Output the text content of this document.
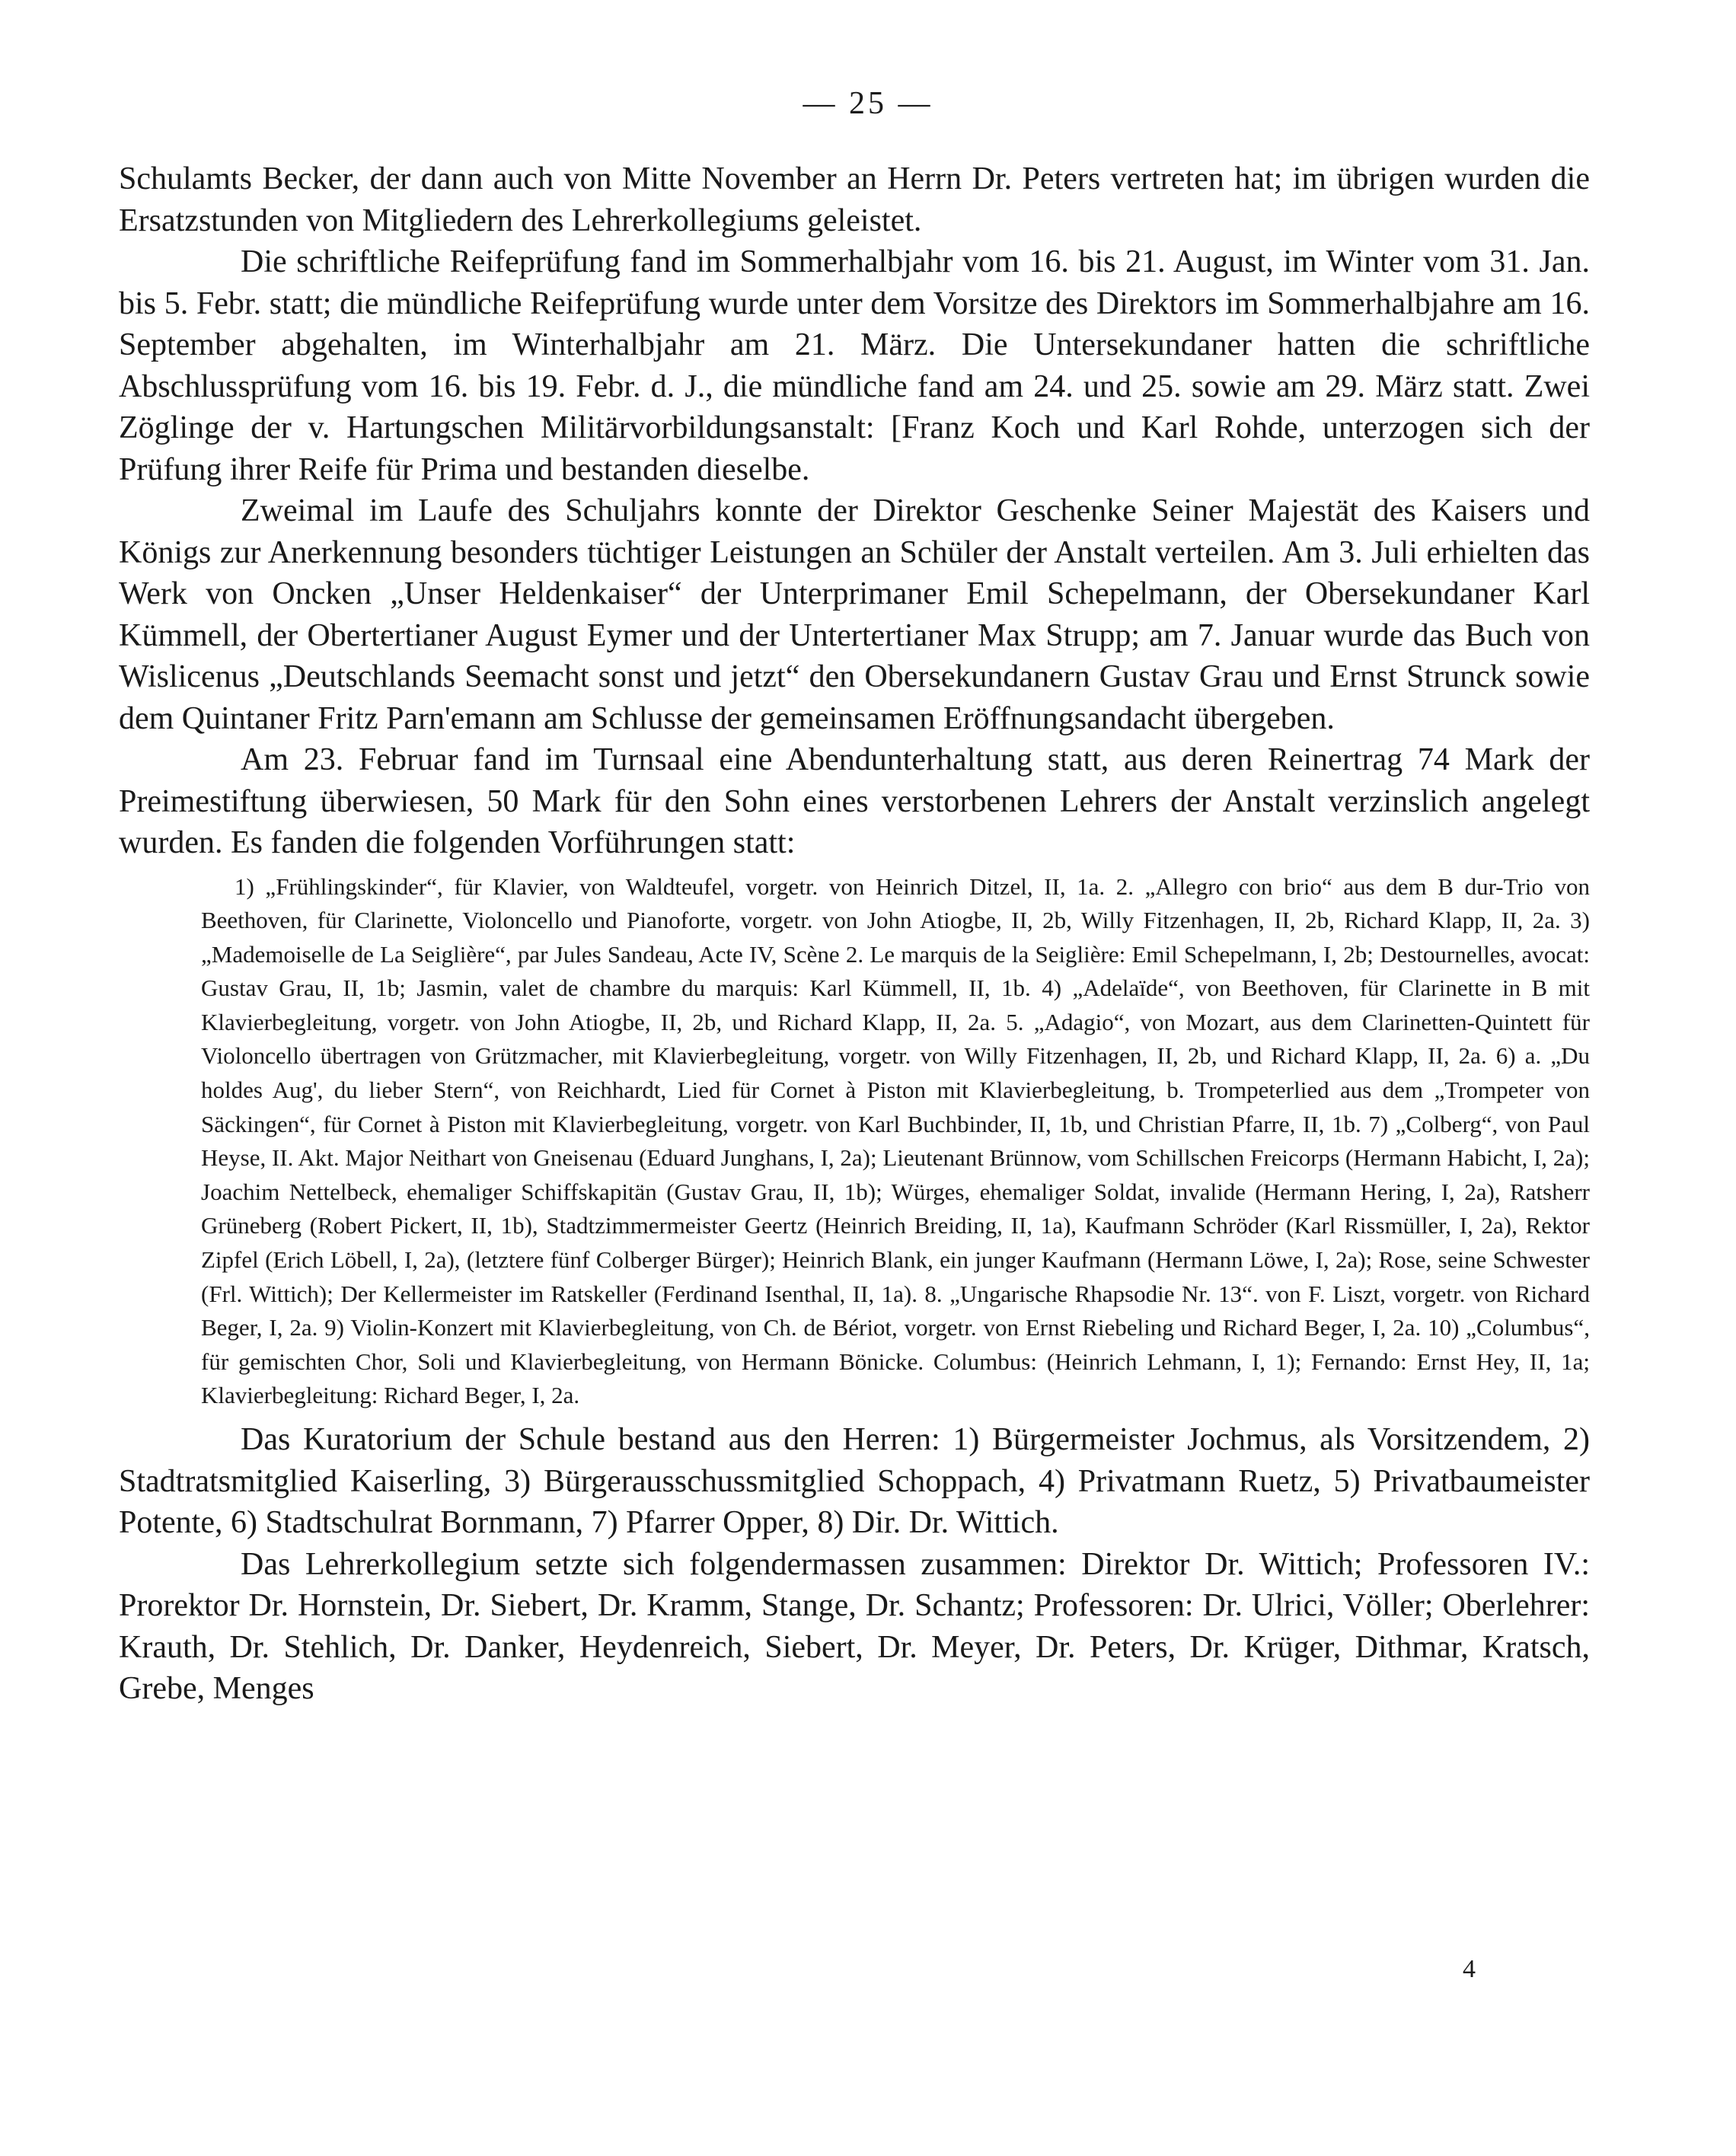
— 25 —

Schulamts Becker, der dann auch von Mitte November an Herrn Dr. Peters vertreten hat; im übrigen wurden die Ersatzstunden von Mitgliedern des Lehrerkollegiums geleistet.

Die schriftliche Reifeprüfung fand im Sommerhalbjahr vom 16. bis 21. August, im Winter vom 31. Jan. bis 5. Febr. statt; die mündliche Reifeprüfung wurde unter dem Vorsitze des Direktors im Sommerhalbjahre am 16. September abgehalten, im Winterhalbjahr am 21. März. Die Untersekundaner hatten die schriftliche Abschlussprüfung vom 16. bis 19. Febr. d. J., die mündliche fand am 24. und 25. sowie am 29. März statt. Zwei Zöglinge der v. Hartungschen Militärvorbildungsanstalt: [Franz Koch und Karl Rohde, unterzogen sich der Prüfung ihrer Reife für Prima und bestanden dieselbe.

Zweimal im Laufe des Schuljahrs konnte der Direktor Geschenke Seiner Majestät des Kaisers und Königs zur Anerkennung besonders tüchtiger Leistungen an Schüler der Anstalt verteilen. Am 3. Juli erhielten das Werk von Oncken „Unser Heldenkaiser“ der Unterprimaner Emil Schepelmann, der Obersekundaner Karl Kümmell, der Obertertianer August Eymer und der Untertertianer Max Strupp; am 7. Januar wurde das Buch von Wislicenus „Deutschlands Seemacht sonst und jetzt“ den Obersekundanern Gustav Grau und Ernst Strunck sowie dem Quintaner Fritz Parn'emann am Schlusse der gemeinsamen Eröffnungsandacht übergeben.

Am 23. Februar fand im Turnsaal eine Abendunterhaltung statt, aus deren Reinertrag 74 Mark der Preimestiftung überwiesen, 50 Mark für den Sohn eines verstorbenen Lehrers der Anstalt verzinslich angelegt wurden. Es fanden die folgenden Vorführungen statt:

1) „Frühlingskinder“, für Klavier, von Waldteufel, vorgetr. von Heinrich Ditzel, II, 1a. 2. „Allegro con brio“ aus dem B dur-Trio von Beethoven, für Clarinette, Violoncello und Pianoforte, vorgetr. von John Atiogbe, II, 2b, Willy Fitzenhagen, II, 2b, Richard Klapp, II, 2a. 3) „Mademoiselle de La Seiglière“, par Jules Sandeau, Acte IV, Scène 2. Le marquis de la Seiglière: Emil Schepelmann, I, 2b; Destournelles, avocat: Gustav Grau, II, 1b; Jasmin, valet de chambre du marquis: Karl Kümmell, II, 1b. 4) „Adelaïde“, von Beethoven, für Clarinette in B mit Klavierbegleitung, vorgetr. von John Atiogbe, II, 2b, und Richard Klapp, II, 2a. 5. „Adagio“, von Mozart, aus dem Clarinetten-Quintett für Violoncello übertragen von Grützmacher, mit Klavierbegleitung, vorgetr. von Willy Fitzenhagen, II, 2b, und Richard Klapp, II, 2a. 6) a. „Du holdes Aug', du lieber Stern“, von Reichhardt, Lied für Cornet à Piston mit Klavierbegleitung, b. Trompeterlied aus dem „Trompeter von Säckingen“, für Cornet à Piston mit Klavierbegleitung, vorgetr. von Karl Buchbinder, II, 1b, und Christian Pfarre, II, 1b. 7) „Colberg“, von Paul Heyse, II. Akt. Major Neithart von Gneisenau (Eduard Junghans, I, 2a); Lieutenant Brünnow, vom Schillschen Freicorps (Hermann Habicht, I, 2a); Joachim Nettelbeck, ehemaliger Schiffskapitän (Gustav Grau, II, 1b); Würges, ehemaliger Soldat, invalide (Hermann Hering, I, 2a), Ratsherr Grüneberg (Robert Pickert, II, 1b), Stadtzimmermeister Geertz (Heinrich Breiding, II, 1a), Kaufmann Schröder (Karl Rissmüller, I, 2a), Rektor Zipfel (Erich Löbell, I, 2a), (letztere fünf Colberger Bürger); Heinrich Blank, ein junger Kaufmann (Hermann Löwe, I, 2a); Rose, seine Schwester (Frl. Wittich); Der Kellermeister im Ratskeller (Ferdinand Isenthal, II, 1a). 8. „Ungarische Rhapsodie Nr. 13“. von F. Liszt, vorgetr. von Richard Beger, I, 2a. 9) Violin-Konzert mit Klavierbegleitung, von Ch. de Bériot, vorgetr. von Ernst Riebeling und Richard Beger, I, 2a. 10) „Columbus“, für gemischten Chor, Soli und Klavierbegleitung, von Hermann Bönicke. Columbus: (Heinrich Lehmann, I, 1); Fernando: Ernst Hey, II, 1a; Klavierbegleitung: Richard Beger, I, 2a.

Das Kuratorium der Schule bestand aus den Herren: 1) Bürgermeister Jochmus, als Vorsitzendem, 2) Stadtratsmitglied Kaiserling, 3) Bürgerausschussmitglied Schoppach, 4) Privatmann Ruetz, 5) Privatbaumeister Potente, 6) Stadtschulrat Bornmann, 7) Pfarrer Opper, 8) Dir. Dr. Wittich.

Das Lehrerkollegium setzte sich folgendermassen zusammen: Direktor Dr. Wittich; Professoren IV.: Prorektor Dr. Hornstein, Dr. Siebert, Dr. Kramm, Stange, Dr. Schantz; Professoren: Dr. Ulrici, Völler; Oberlehrer: Krauth, Dr. Stehlich, Dr. Danker, Heydenreich, Siebert, Dr. Meyer, Dr. Peters, Dr. Krüger, Dithmar, Kratsch, Grebe, Menges

4
